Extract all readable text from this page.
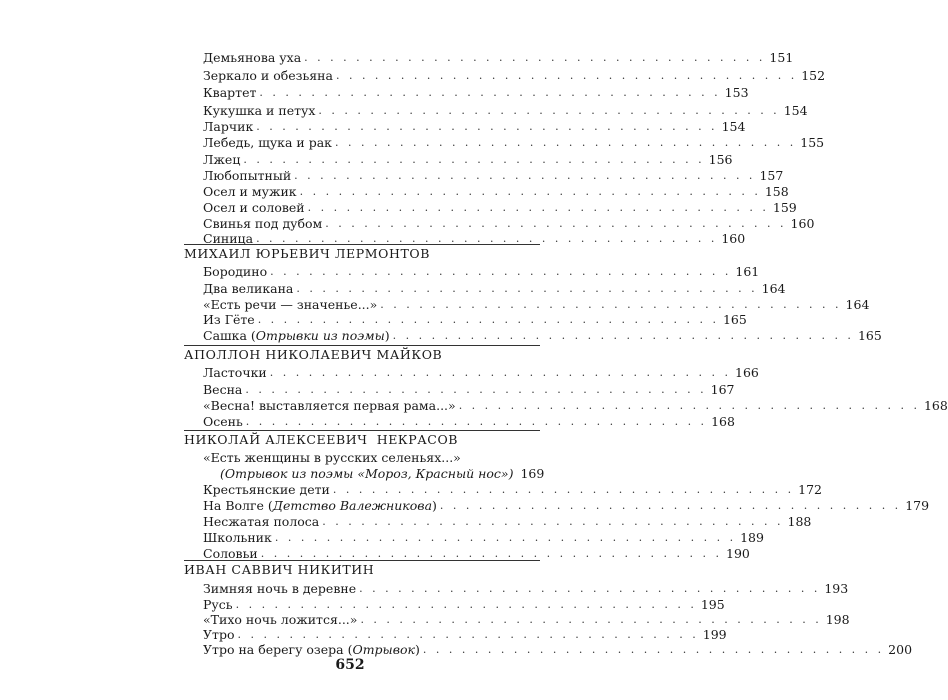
Демьянова уха . . . . . . . . . . . . . . . . . . . . . . . . . . . . . . . . . . . . 151
Зеркало и обезьяна . . . . . . . . . . . . . . . . . . . . . . . . . . . . . . . . . . . . 152
Квартет . . . . . . . . . . . . . . . . . . . . . . . . . . . . . . . . . . . . 153
Кукушка и петух . . . . . . . . . . . . . . . . . . . . . . . . . . . . . . . . . . . . 154
Ларчик . . . . . . . . . . . . . . . . . . . . . . . . . . . . . . . . . . . . 154
Лебедь, щука и рак . . . . . . . . . . . . . . . . . . . . . . . . . . . . . . . . . . . . 155
Лжец . . . . . . . . . . . . . . . . . . . . . . . . . . . . . . . . . . . . 156
Любопытный . . . . . . . . . . . . . . . . . . . . . . . . . . . . . . . . . . . . 157
Осел и мужик . . . . . . . . . . . . . . . . . . . . . . . . . . . . . . . . . . . . 158
Осел и соловей . . . . . . . . . . . . . . . . . . . . . . . . . . . . . . . . . . . . 159
Свинья под дубом . . . . . . . . . . . . . . . . . . . . . . . . . . . . . . . . . . . . 160
Синица . . . . . . . . . . . . . . . . . . . . . . . . . . . . . . . . . . . . 160
МИХАИЛ ЮРЬЕВИЧ ЛЕРМОНТОВ
Бородино . . . . . . . . . . . . . . . . . . . . . . . . . . . . . . . . . . . . 161
Два великана . . . . . . . . . . . . . . . . . . . . . . . . . . . . . . . . . . . . 164
«Есть речи — значенье...» . . . . . . . . . . . . . . . . . . . . . . . . . . . . . . . . . . . . 164
Из Гёте . . . . . . . . . . . . . . . . . . . . . . . . . . . . . . . . . . . . 165
Сашка (Отрывки из поэмы) . . . . . . . . . . . . . . . . . . . . . . . . . . . . . . . . . . . . 165
АПОЛЛОН НИКОЛАЕВИЧ МАЙКОВ
Ласточки . . . . . . . . . . . . . . . . . . . . . . . . . . . . . . . . . . . . 166
Весна . . . . . . . . . . . . . . . . . . . . . . . . . . . . . . . . . . . . 167
«Весна! выставляется первая рама...» . . . . . . . . . . . . . . . . . . . . . . . . . . . . . . . . . . . . 168
Осень . . . . . . . . . . . . . . . . . . . . . . . . . . . . . . . . . . . . 168
НИКОЛАЙ АЛЕКСЕЕВИЧ  НЕКРАСОВ
«Есть женщины в русских селеньях...»
(Отрывок из поэмы «Мороз, Красный нос») 169
Крестьянские дети . . . . . . . . . . . . . . . . . . . . . . . . . . . . . . . . . . . . 172
На Волге (Детство Валежникова) . . . . . . . . . . . . . . . . . . . . . . . . . . . . . . . . . . . . 179
Несжатая полоса . . . . . . . . . . . . . . . . . . . . . . . . . . . . . . . . . . . . 188
Школьник . . . . . . . . . . . . . . . . . . . . . . . . . . . . . . . . . . . . 189
Соловьи . . . . . . . . . . . . . . . . . . . . . . . . . . . . . . . . . . . . 190
ИВАН САВВИЧ НИКИТИН
Зимняя ночь в деревне . . . . . . . . . . . . . . . . . . . . . . . . . . . . . . . . . . . . 193
Русь . . . . . . . . . . . . . . . . . . . . . . . . . . . . . . . . . . . . 195
«Тихо ночь ложится...» . . . . . . . . . . . . . . . . . . . . . . . . . . . . . . . . . . . . 198
Утро . . . . . . . . . . . . . . . . . . . . . . . . . . . . . . . . . . . . 199
Утро на берегу озера (Отрывок) . . . . . . . . . . . . . . . . . . . . . . . . . . . . . . . . . . . . 200
652
